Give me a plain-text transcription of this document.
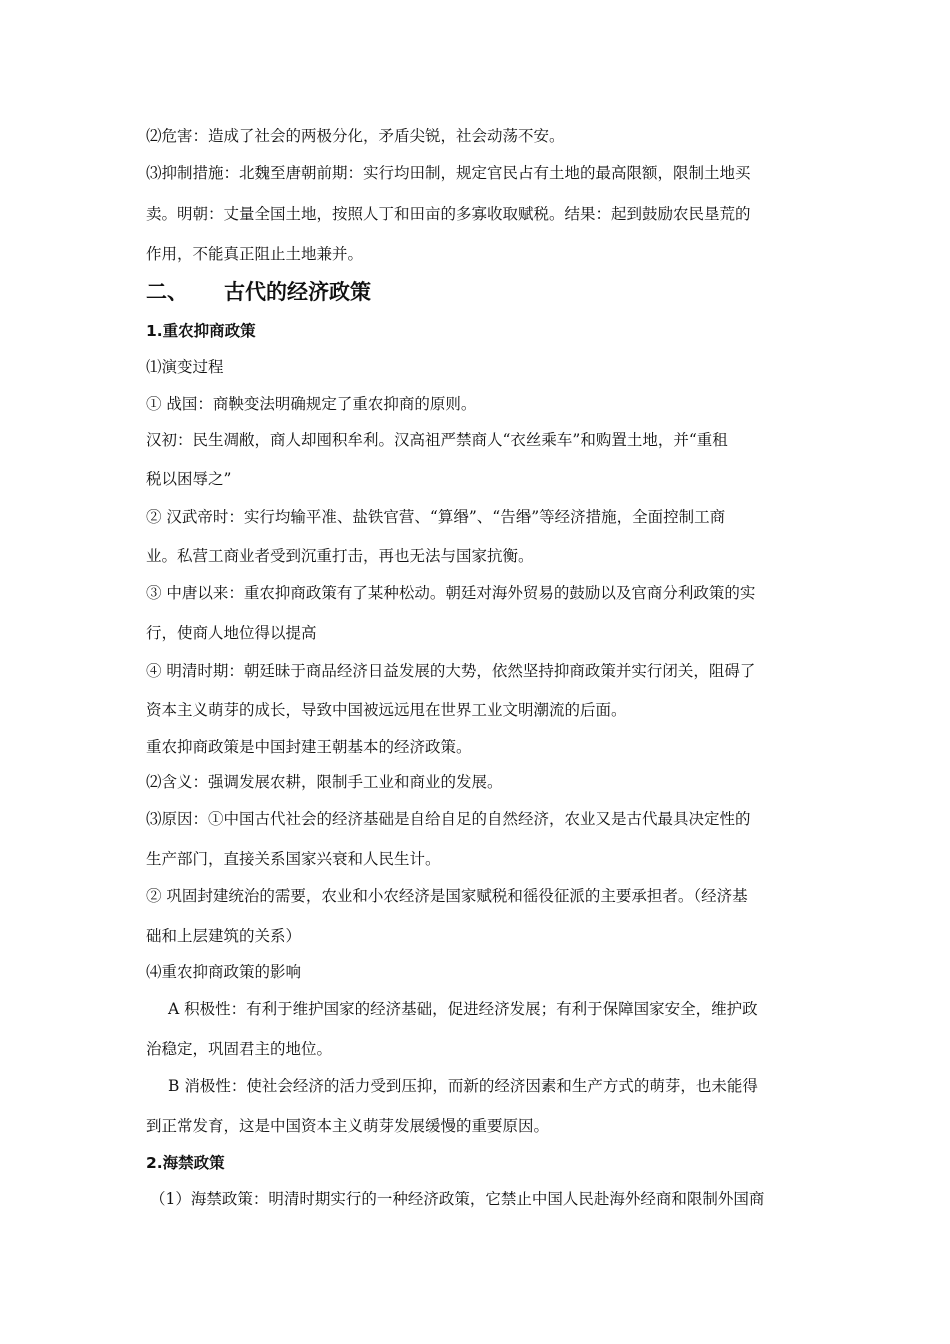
⑵危害：造成了社会的两极分化，矛盾尖锐，社会动荡不安。
⑶抑制措施：北魏至唐朝前期：实行均田制，规定官民占有土地的最高限额，限制土地买
卖。明朝：丈量全国土地，按照人丁和田亩的多寡收取赋税。结果：起到鼓励农民垦荒的
作用，不能真正阻止土地兼并。
二、 古代的经济政策
1.重农抑商政策
⑴演变过程
① 战国：商鞅变法明确规定了重农抑商的原则。
汉初：民生凋敝，商人却囤积牟利。汉高祖严禁商人“衣丝乘车”和购置土地，并“重租
税以困辱之”
② 汉武帝时：实行均输平准、盐铁官营、“算缗”、“告缗”等经济措施，全面控制工商
业。私营工商业者受到沉重打击，再也无法与国家抗衡。
③ 中唐以来：重农抑商政策有了某种松动。朝廷对海外贸易的鼓励以及官商分利政策的实
行，使商人地位得以提高
④ 明清时期：朝廷昧于商品经济日益发展的大势，依然坚持抑商政策并实行闭关，阻碍了
资本主义萌芽的成长，导致中国被远远甩在世界工业文明潮流的后面。
重农抑商政策是中国封建王朝基本的经济政策。
⑵含义：强调发展农耕，限制手工业和商业的发展。
⑶原因：①中国古代社会的经济基础是自给自足的自然经济，农业又是古代最具决定性的
生产部门，直接关系国家兴衰和人民生计。
② 巩固封建统治的需要，农业和小农经济是国家赋税和徭役征派的主要承担者。（经济基
础和上层建筑的关系）
⑷重农抑商政策的影响
A 积极性：有利于维护国家的经济基础，促进经济发展；有利于保障国家安全，维护政
治稳定，巩固君主的地位。
B 消极性：使社会经济的活力受到压抑，而新的经济因素和生产方式的萌芽，也未能得
到正常发育，这是中国资本主义萌芽发展缓慢的重要原因。
2.海禁政策
（1）海禁政策：明清时期实行的一种经济政策，它禁止中国人民赴海外经商和限制外国商
